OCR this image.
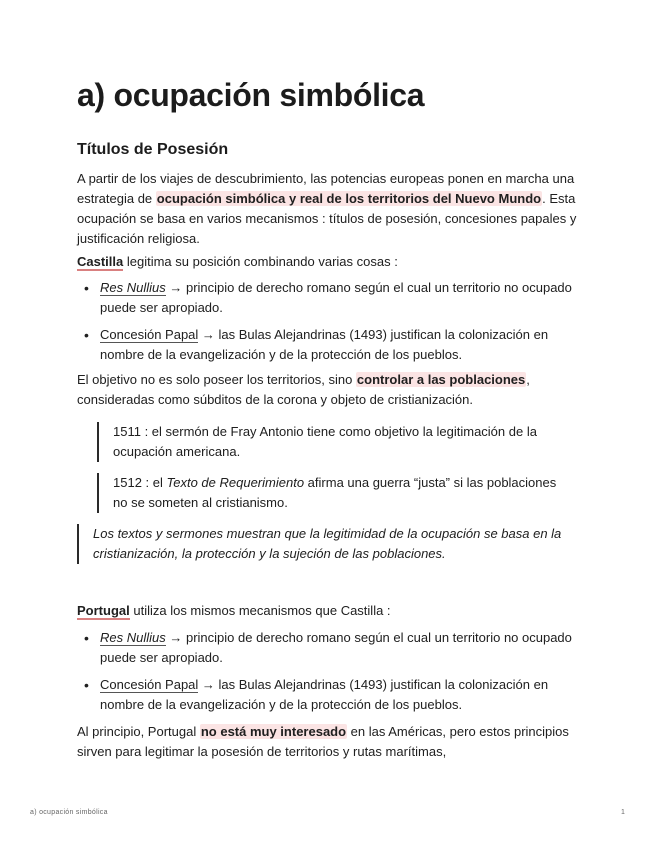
a) ocupación simbólica
Títulos de Posesión

A partir de los viajes de descubrimiento, las potencias europeas ponen en marcha una estrategia de ocupación simbólica y real de los territorios del Nuevo Mundo. Esta ocupación se basa en varios mecanismos : títulos de posesión, concesiones papales y justificación religiosa.

Castilla legitima su posición combinando varias cosas :

• Res Nullius → principio de derecho romano según el cual un territorio no ocupado puede ser apropiado.
• Concesión Papal → las Bulas Alejandrinas (1493) justifican la colonización en nombre de la evangelización y de la protección de los pueblos.

El objetivo no es solo poseer los territorios, sino controlar a las poblaciones, consideradas como súbditos de la corona y objeto de cristianización.

1511 : el sermón de Fray Antonio tiene como objetivo la legitimación de la ocupación americana.
1512 : el Texto de Requerimiento afirma una guerra “justa” si las poblaciones no se someten al cristianismo.
Los textos y sermones muestran que la legitimidad de la ocupación se basa en la cristianización, la protección y la sujeción de las poblaciones.

Portugal utiliza los mismos mecanismos que Castilla :

• Res Nullius → principio de derecho romano según el cual un territorio no ocupado puede ser apropiado.
• Concesión Papal → las Bulas Alejandrinas (1493) justifican la colonización en nombre de la evangelización y de la protección de los pueblos.

Al principio, Portugal no está muy interesado en las Américas, pero estos principios sirven para legitimar la posesión de territorios y rutas marítimas,

a) ocupación simbólica	1
